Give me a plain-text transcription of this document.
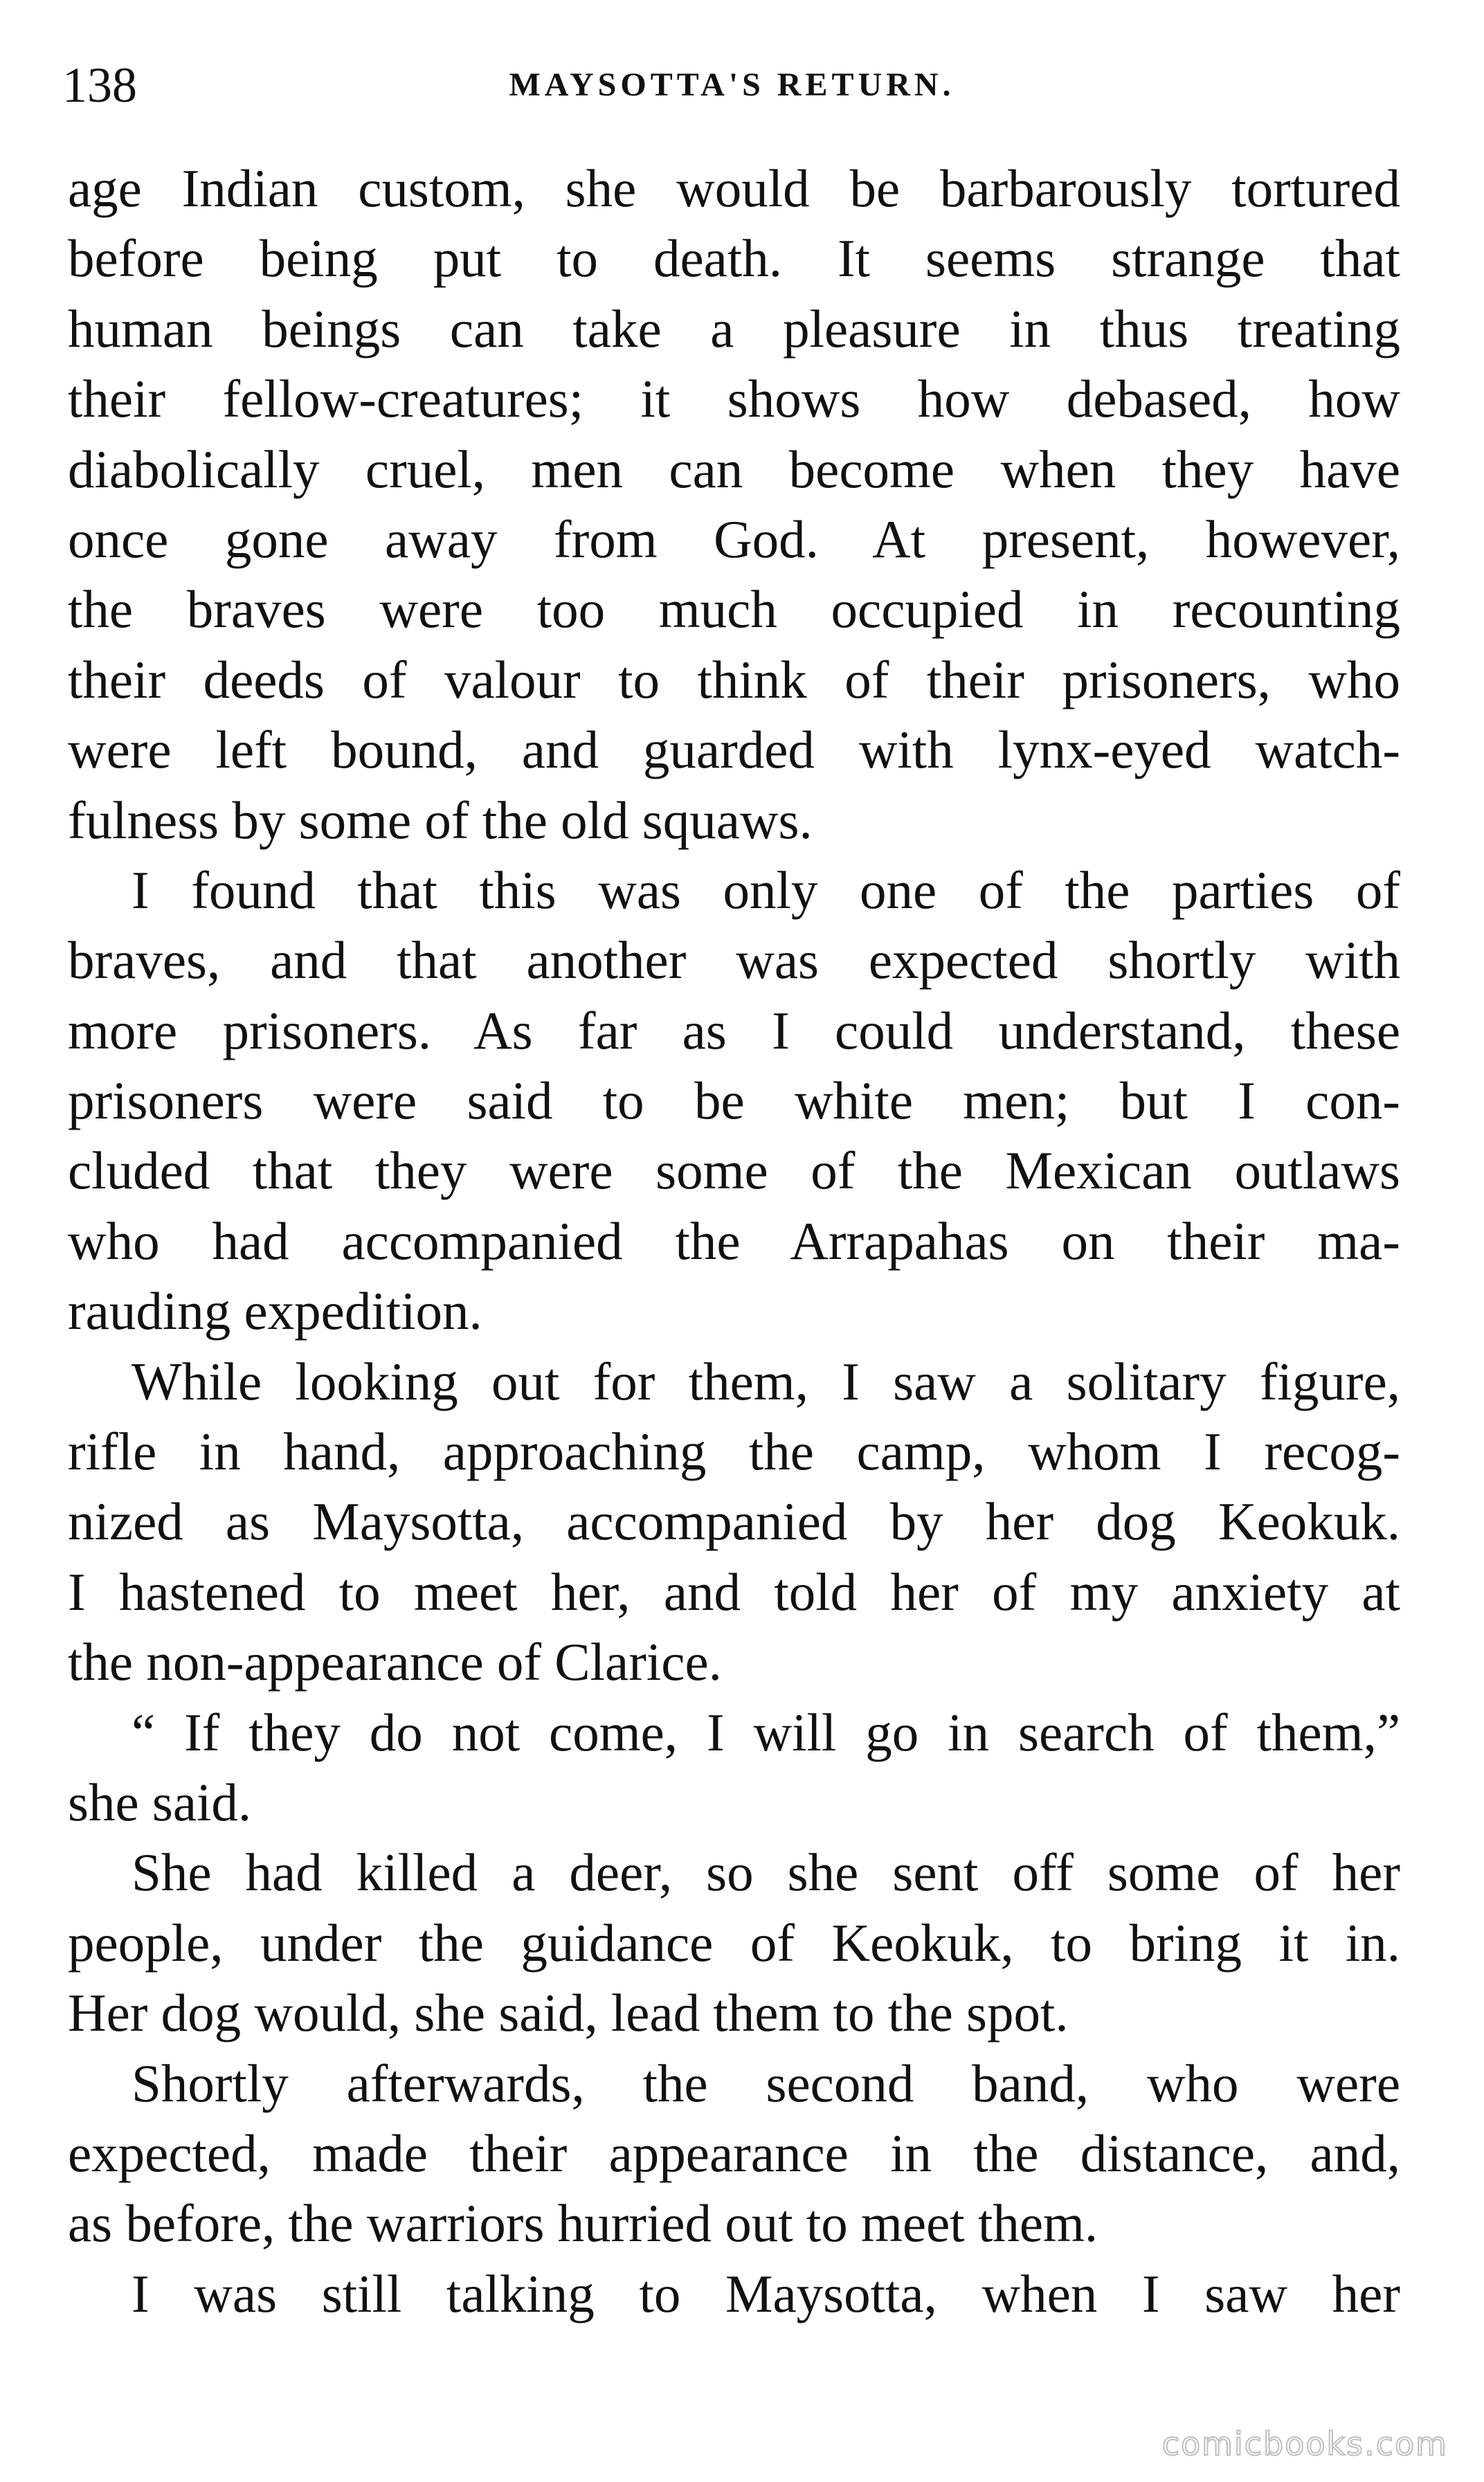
138	MAYSOTTA'S RETURN.
age Indian custom, she would be barbarously tortured
before being put to death. It seems strange that
human beings can take a pleasure in thus treating
their fellow-creatures; it shows how debased, how
diabolically cruel, men can become when they have
once gone away from God. At present, however,
the braves were too much occupied in recounting
their deeds of valour to think of their prisoners, who
were left bound, and guarded with lynx-eyed watch-
fulness by some of the old squaws.
I found that this was only one of the parties of
braves, and that another was expected shortly with
more prisoners. As far as I could understand, these
prisoners were said to be white men; but I con-
cluded that they were some of the Mexican outlaws
who had accompanied the Arrapahas on their ma-
rauding expedition.
While looking out for them, I saw a solitary figure,
rifle in hand, approaching the camp, whom I recog-
nized as Maysotta, accompanied by her dog Keokuk.
I hastened to meet her, and told her of my anxiety at
the non-appearance of Clarice.
“ If they do not come, I will go in search of them,”
she said.
She had killed a deer, so she sent off some of her
people, under the guidance of Keokuk, to bring it in.
Her dog would, she said, lead them to the spot.
Shortly afterwards, the second band, who were
expected, made their appearance in the distance, and,
as before, the warriors hurried out to meet them.
I was still talking to Maysotta, when I saw her
comicbooks.com
